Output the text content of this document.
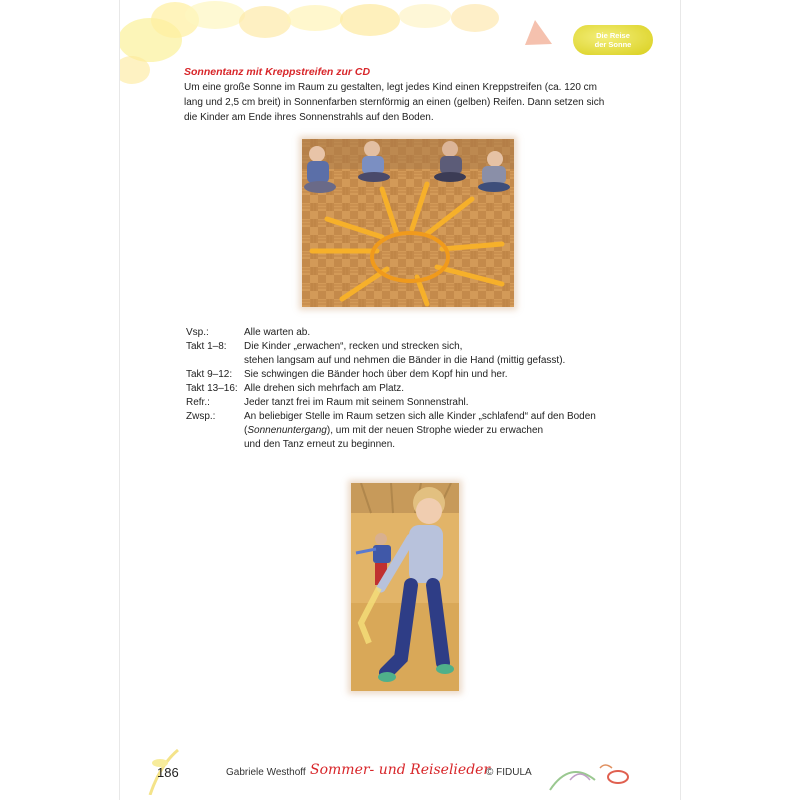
Die Reise
der Sonne
Sonnentanz mit Kreppstreifen zur CD
Um eine große Sonne im Raum zu gestalten, legt jedes Kind einen Kreppstreifen (ca. 120 cm
lang und 2,5 cm breit) in Sonnenfarben sternförmig an einen (gelben) Reifen. Dann setzen sich
die Kinder am Ende ihres Sonnenstrahls auf den Boden.
Vsp.:	Alle warten ab.
Takt 1–8:	Die Kinder „erwachen“, recken und strecken sich,
stehen langsam auf und nehmen die Bänder in die Hand (mittig gefasst).
Takt 9–12:	Sie schwingen die Bänder hoch über dem Kopf hin und her.
Takt 13–16: Alle drehen sich mehrfach am Platz.
Refr.:	Jeder tanzt frei im Raum mit seinem Sonnenstrahl.
Zwsp.:	An beliebiger Stelle im Raum setzen sich alle Kinder „schlafend“ auf den Boden
(Sonnenuntergang), um mit der neuen Strophe wieder zu erwachen
und den Tanz erneut zu beginnen.
186	Gabriele Westhoff Sommer- und Reiselieder
© FIDULA
